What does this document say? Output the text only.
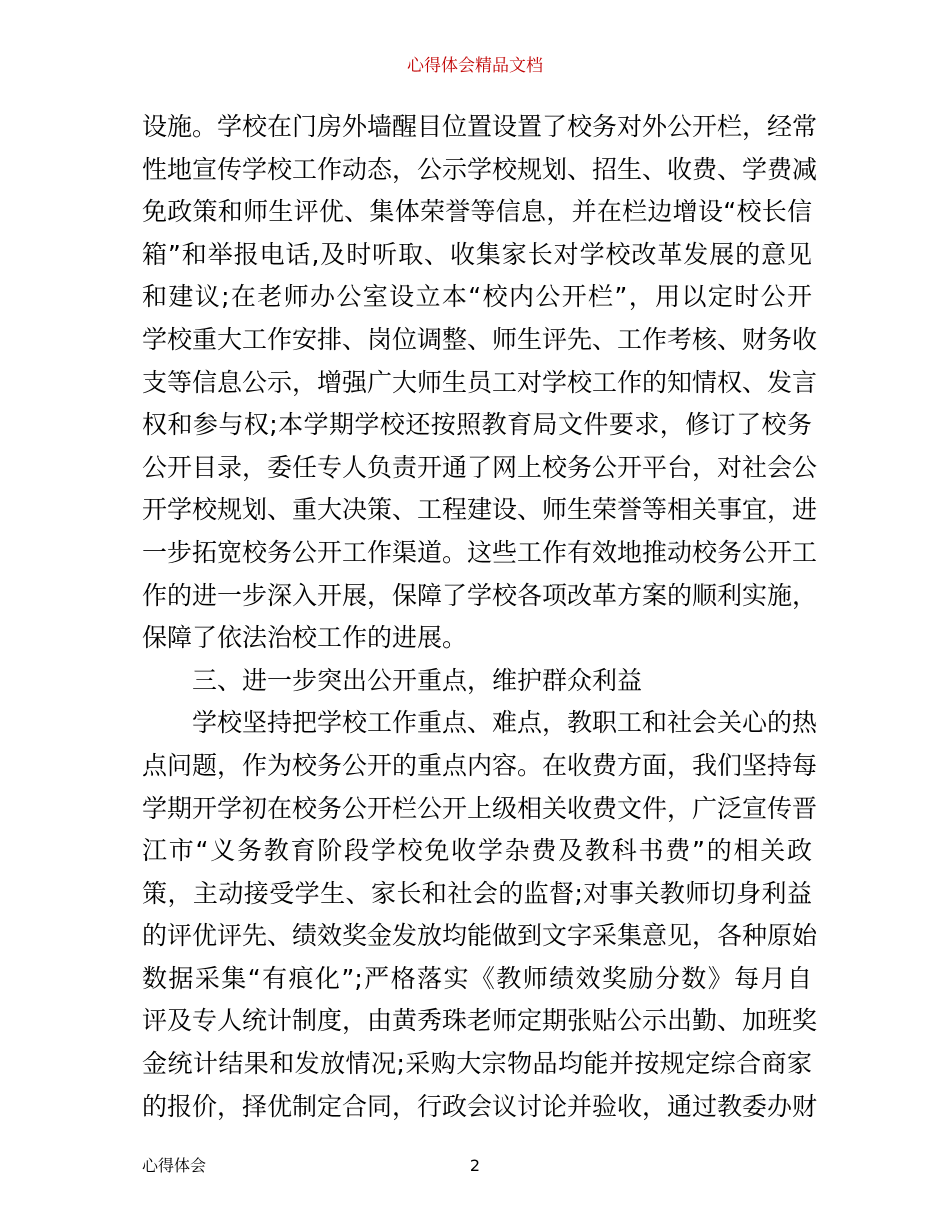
心得体会精品文档
设施。学校在门房外墙醒目位置设置了校务对外公开栏，经常
性地宣传学校工作动态，公示学校规划、招生、收费、学费减
免政策和师生评优、集体荣誉等信息，并在栏边增设“校长信
箱”和举报电话,及时听取、收集家长对学校改革发展的意见
和建议;在老师办公室设立本“校内公开栏”，用以定时公开
学校重大工作安排、岗位调整、师生评先、工作考核、财务收
支等信息公示，增强广大师生员工对学校工作的知情权、发言
权和参与权;本学期学校还按照教育局文件要求，修订了校务
公开目录，委任专人负责开通了网上校务公开平台，对社会公
开学校规划、重大决策、工程建设、师生荣誉等相关事宜，进
一步拓宽校务公开工作渠道。这些工作有效地推动校务公开工
作的进一步深入开展，保障了学校各项改革方案的顺利实施，
保障了依法治校工作的进展。
三、进一步突出公开重点，维护群众利益
学校坚持把学校工作重点、难点，教职工和社会关心的热
点问题，作为校务公开的重点内容。在收费方面，我们坚持每
学期开学初在校务公开栏公开上级相关收费文件，广泛宣传晋
江市“义务教育阶段学校免收学杂费及教科书费”的相关政
策，主动接受学生、家长和社会的监督;对事关教师切身利益
的评优评先、绩效奖金发放均能做到文字采集意见，各种原始
数据采集“有痕化”;严格落实《教师绩效奖励分数》每月自
评及专人统计制度，由黄秀珠老师定期张贴公示出勤、加班奖
金统计结果和发放情况;采购大宗物品均能并按规定综合商家
的报价，择优制定合同，行政会议讨论并验收，通过教委办财
心得体会	2
